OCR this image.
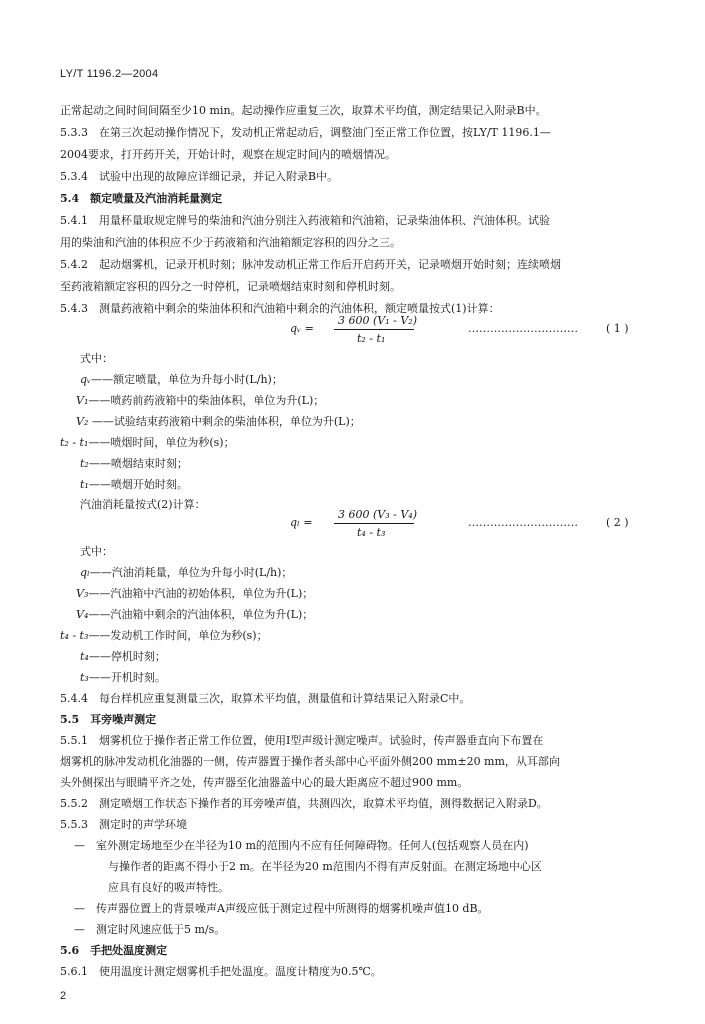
LY/T 1196.2—2004
正常起动之间时间间隔至少10 min。起动操作应重复三次，取算术平均值，测定结果记入附录B中。
5.3.3　在第三次起动操作情况下，发动机正常起动后，调整油门至正常工作位置，按LY/T 1196.1—
2004要求，打开药开关，开始计时，观察在规定时间内的喷烟情况。
5.3.4　试验中出现的故障应详细记录，并记入附录B中。
5.4　额定喷量及汽油消耗量测定
5.4.1　用量杯量取规定牌号的柴油和汽油分别注入药液箱和汽油箱，记录柴油体积、汽油体积。试验
用的柴油和汽油的体积应不少于药液箱和汽油箱额定容积的四分之三。
5.4.2　起动烟雾机，记录开机时刻；脉冲发动机正常工作后开启药开关，记录喷烟开始时刻；连续喷烟
至药液箱额定容积的四分之一时停机，记录喷烟结束时刻和停机时刻。
5.4.3　测量药液箱中剩余的柴油体积和汽油箱中剩余的汽油体积，额定喷量按式(1)计算：
qᵥ =
3 600 (V₁ - V₂)
t₂ - t₁
…………………………	( 1 )
式中：
qᵥ——额定喷量，单位为升每小时(L/h)；
V₁——喷药前药液箱中的柴油体积，单位为升(L)；
V₂ ——试验结束药液箱中剩余的柴油体积，单位为升(L)；
t₂ - t₁——喷烟时间，单位为秒(s)；
t₂——喷烟结束时刻；
t₁——喷烟开始时刻。
汽油消耗量按式(2)计算：
qₗ =
3 600 (V₃ - V₄)
t₄ - t₃
…………………………	( 2 )
式中：
qₗ——汽油消耗量，单位为升每小时(L/h)；
V₃——汽油箱中汽油的初始体积，单位为升(L)；
V₄——汽油箱中剩余的汽油体积，单位为升(L)；
t₄ - t₃——发动机工作时间，单位为秒(s)；
t₄——停机时刻；
t₃——开机时刻。
5.4.4　每台样机应重复测量三次，取算术平均值，测量值和计算结果记入附录C中。
5.5　耳旁噪声测定
5.5.1　烟雾机位于操作者正常工作位置，使用Ⅰ型声级计测定噪声。试验时，传声器垂直向下布置在
烟雾机的脉冲发动机化油器的一侧，传声器置于操作者头部中心平面外侧200 mm±20 mm，从耳部向
头外侧探出与眼睛平齐之处，传声器至化油器盖中心的最大距离应不超过900 mm。
5.5.2　测定喷烟工作状态下操作者的耳旁噪声值，共测四次，取算术平均值，测得数据记入附录D。
5.5.3　测定时的声学环境
—　室外测定场地至少在半径为10 m的范围内不应有任何障碍物。任何人(包括观察人员在内)
与操作者的距离不得小于2 m。在半径为20 m范围内不得有声反射面。在测定场地中心区
应具有良好的吸声特性。
—　传声器位置上的背景噪声A声级应低于测定过程中所测得的烟雾机噪声值10 dB。
—　测定时风速应低于5 m/s。
5.6　手把处温度测定
5.6.1　使用温度计测定烟雾机手把处温度。温度计精度为0.5℃。
2
